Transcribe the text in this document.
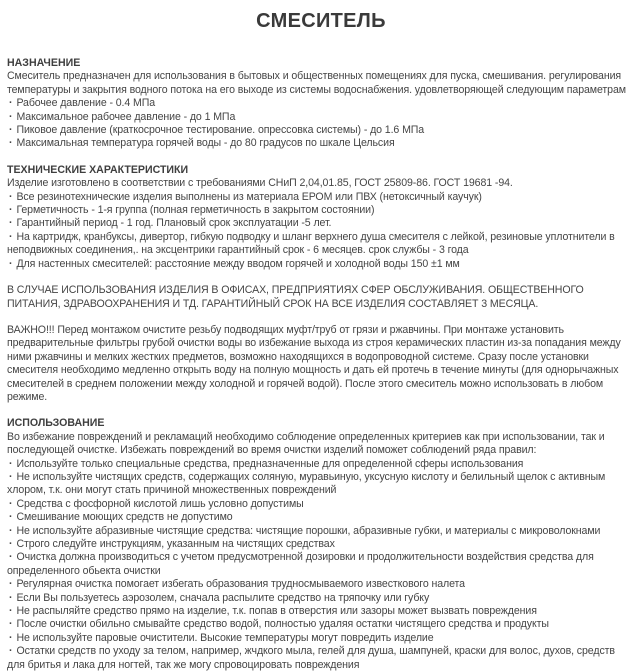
СМЕСИТЕЛЬ
НАЗНАЧЕНИЕ

Смеситель предназначен для использования в бытовых и общественных помещениях для пуска, смешивания. регулирования температуры и закрытия водного потока на его выходе из системы водоснабжения. удовлетворяющей следующим параметрам

· Рабочее давление - 0.4 МПа

· Максимальное рабочее давление - до 1 МПа

· Пиковое давление (краткосрочное тестирование. опрессовка системы) - до 1.6 МПа

· Максимальная температура горячей воды - до 80 градусов по шкале Цельсия

ТЕХНИЧЕСКИЕ ХАРАКТЕРИСТИКИ

Изделие изготовлено в соответствии с требованиями СНиП 2,04,01.85, ГОСТ 25809-86. ГОСТ 19681 -94.

· Все резинотехнические изделия выполнены из материала ЕРОМ или ПВХ (нетоксичный каучук)

· Герметичность - 1-я группа (полная герметичность в закрытом состоянии)

· Гарантийный период - 1 год. Плановый срок эксплуатации -5 лет.

· На картридж, кранбуксы, дивертор, гибкую подводку и шланг верхнего душа смесителя с лейкой, резиновые уплотнители в неподвижных соединения,. на эксцентрики гарантийный срок - 6 месяцев. срок службы - 3 года

· Для настенных смесителей: расстояние между вводом горячей и холодной воды 150 ±1 мм

В СЛУЧАЕ ИСПОЛЬЗОВАНИЯ ИЗДЕЛИЯ В ОФИСАХ, ПРЕДПРИЯТИЯХ СФЕР ОБСЛУЖИВАНИЯ. ОБЩЕСТВЕННОГО ПИТАНИЯ, ЗДРАВООХРАНЕНИЯ И ТД. ГАРАНТИЙНЫЙ СРОК НА ВСЕ ИЗДЕЛИЯ СОСТАВЛЯЕТ 3 МЕСЯЦА.

ВАЖНО!!! Перед монтажом очистите резьбу подводящих муфт/труб от грязи и ржавчины. При монтаже установить предварительные фильтры грубой очистки воды во избежание выхода из строя керамических пластин из-за попадания между ними ржавчины и мелких жестких предметов, возможно находящихся в водопроводной системе. Сразу после установки смесителя необходимо медленно открыть воду на полную мощность и дать ей протечь в течение минуты (для однорычажных смесителей в среднем положении между холодной и горячей водой). После этого смеситель можно использовать в любом режиме.

ИСПОЛЬЗОВАНИЕ

Во избежание повреждений и рекламаций необходимо соблюдение определенных критериев как при использовании, так и последующей очистке. Избежать повреждений во время очистки изделий поможет соблюдений ряда правил:

· Используйте только специальные средства, предназначенные для определенной сферы использования

· Не используйте чистящих средств, содержащих соляную, муравьиную, уксусную кислоту и белильный щелок с активным хлором, т.к. они могут стать причиной множественных повреждений

· Средства с фосфорной кислотой лишь условно допустимы

· Смешивание моющих средств не допустимо

· Не используйте абразивные чистящие средства: чистящие порошки, абразивные губки, и материалы с микроволокнами

· Строго следуйте инструкциям, указанным на чистящих средствах

· Очистка должна производиться с учетом предусмотренной дозировки и продолжительности воздействия средства для определенного обьекта очистки

· Регулярная очистка помогает избегать образования трудносмываемого известкового налета

· Если Вы пользуетесь аэрозолем, сначала распылите средство на тряпочку или губку

· Не распыляйте средство прямо на изделие, т.к. попав в отверстия или зазоры может вызвать повреждения

· После очистки обильно смывайте средство водой, полностью удаляя остатки чистящего средства и продукты

· Не используйте паровые очистители. Высокие температуры могут повредить изделие

· Остатки средств по уходу за телом, например, жчдкого мыла, гелей для душа, шампуней, краски для волос, духов, средств для бритья и лака для ногтей, так же могу спровоцировать повреждения
